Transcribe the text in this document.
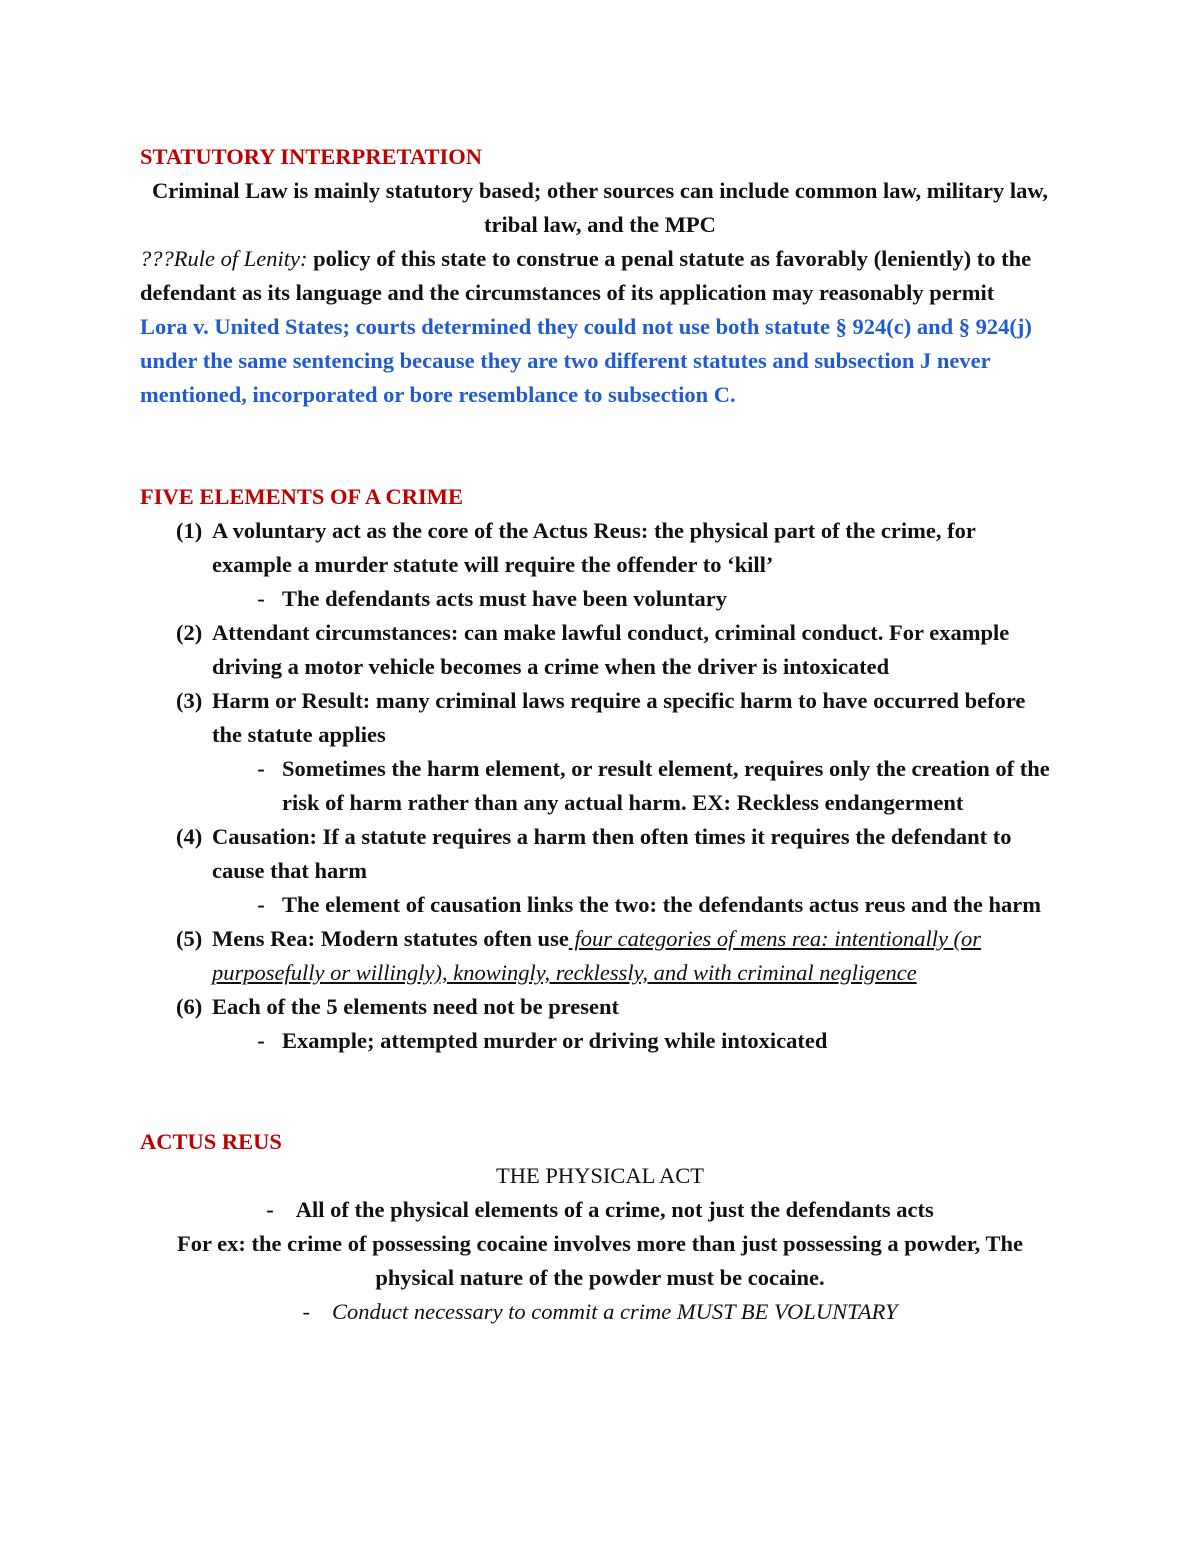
STATUTORY INTERPRETATION

Criminal Law is mainly statutory based; other sources can include common law, military law, tribal law, and the MPC

???Rule of Lenity: policy of this state to construe a penal statute as favorably (leniently) to the defendant as its language and the circumstances of its application may reasonably permit

Lora v. United States; courts determined they could not use both statute § 924(c) and § 924(j) under the same sentencing because they are two different statutes and subsection J never mentioned, incorporated or bore resemblance to subsection C.

FIVE ELEMENTS OF A CRIME

(1) A voluntary act as the core of the Actus Reus: the physical part of the crime, for example a murder statute will require the offender to ‘kill’
- The defendants acts must have been voluntary
(2) Attendant circumstances: can make lawful conduct, criminal conduct. For example driving a motor vehicle becomes a crime when the driver is intoxicated
(3) Harm or Result: many criminal laws require a specific harm to have occurred before the statute applies
- Sometimes the harm element, or result element, requires only the creation of the risk of harm rather than any actual harm. EX: Reckless endangerment
(4) Causation: If a statute requires a harm then often times it requires the defendant to cause that harm
- The element of causation links the two: the defendants actus reus and the harm
(5) Mens Rea: Modern statutes often use four categories of mens rea: intentionally (or purposefully or willingly), knowingly, recklessly, and with criminal negligence
(6) Each of the 5 elements need not be present
- Example; attempted murder or driving while intoxicated

ACTUS REUS

THE PHYSICAL ACT

- All of the physical elements of a crime, not just the defendants acts

For ex: the crime of possessing cocaine involves more than just possessing a powder, The physical nature of the powder must be cocaine.

- Conduct necessary to commit a crime MUST BE VOLUNTARY
